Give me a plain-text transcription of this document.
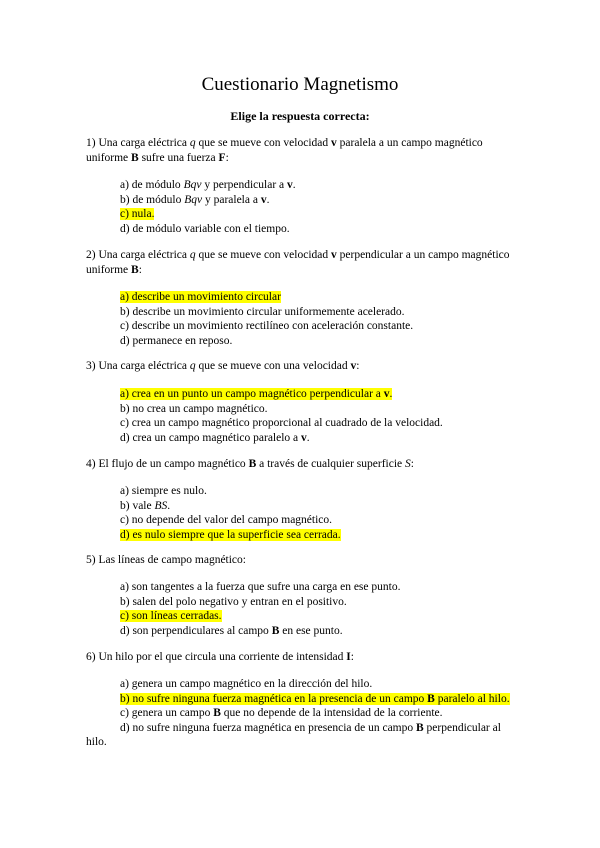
Cuestionario Magnetismo
Elige la respuesta correcta:
1) Una carga eléctrica q que se mueve con velocidad v paralela a un campo magnético uniforme B sufre una fuerza F:
a) de módulo Bqv y perpendicular a v.
b) de módulo Bqv y paralela a v.
c) nula.
d) de módulo variable con el tiempo.
2) Una carga eléctrica q que se mueve con velocidad v perpendicular a un campo magnético uniforme B:
a) describe un movimiento circular
b) describe un movimiento circular uniformemente acelerado.
c) describe un movimiento rectilíneo con aceleración constante.
d) permanece en reposo.
3) Una carga eléctrica q que se mueve con una velocidad v:
a) crea en un punto un campo magnético perpendicular a v.
b) no crea un campo magnético.
c) crea un campo magnético proporcional al cuadrado de la velocidad.
d) crea un campo magnético paralelo a v.
4) El flujo de un campo magnético B a través de cualquier superficie S:
a) siempre es nulo.
b) vale BS.
c) no depende del valor del campo magnético.
d) es nulo siempre que la superficie sea cerrada.
5) Las líneas de campo magnético:
a) son tangentes a la fuerza que sufre una carga en ese punto.
b) salen del polo negativo y entran en el positivo.
c) son líneas cerradas.
d) son perpendiculares al campo B en ese punto.
6) Un hilo por el que circula una corriente de intensidad I:
a) genera un campo magnético en la dirección del hilo.
b) no sufre ninguna fuerza magnética en la presencia de un campo B paralelo al hilo.
c) genera un campo B que no depende de la intensidad de la corriente.
d) no sufre ninguna fuerza magnética en presencia de un campo B perpendicular al hilo.
